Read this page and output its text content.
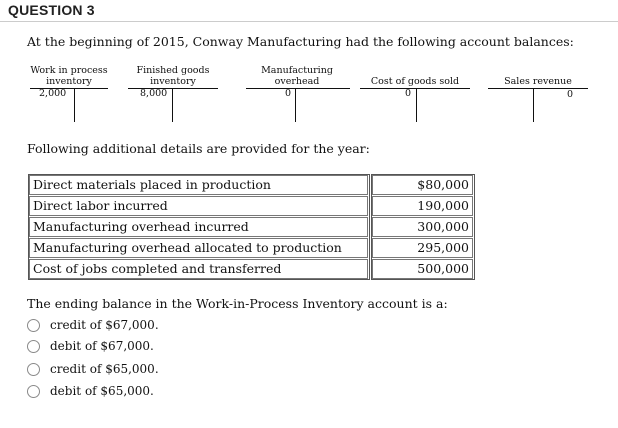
QUESTION 3
At the beginning of 2015, Conway Manufacturing had the following account balances:
Work in process
inventory
2,000
Finished goods
inventory
8,000
Manufacturing
overhead
0
Cost of goods sold
0
Sales revenue
0
Following additional details are provided for the year:
Direct materials placed in production	$80,000
Direct labor incurred	190,000
Manufacturing overhead incurred	300,000
Manufacturing overhead allocated to production	295,000
Cost of jobs completed and transferred	500,000
The ending balance in the Work-in-Process Inventory account is a:
credit of $67,000.
debit of $67,000.
credit of $65,000.
debit of $65,000.
